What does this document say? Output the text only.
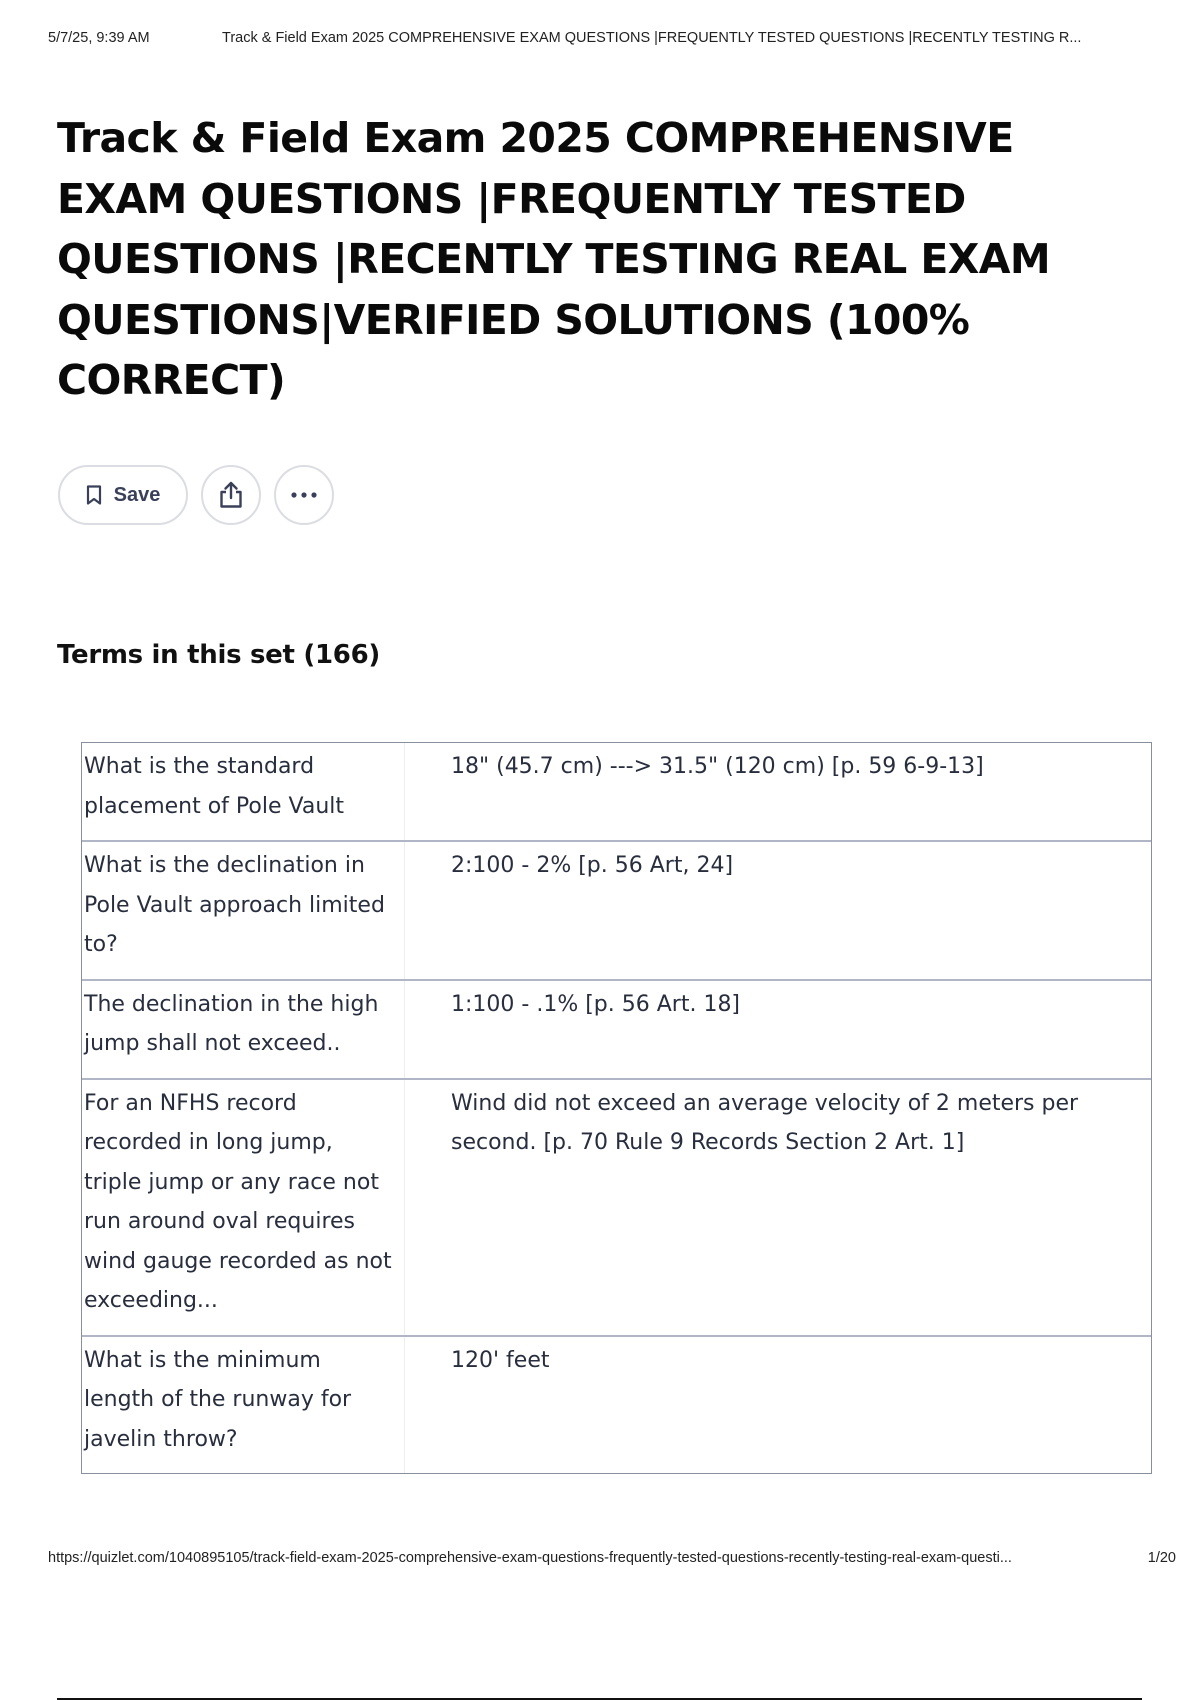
5/7/25, 9:39 AM	Track & Field Exam 2025 COMPREHENSIVE EXAM QUESTIONS |FREQUENTLY TESTED QUESTIONS |RECENTLY TESTING R...
Track & Field Exam 2025 COMPREHENSIVE EXAM QUESTIONS |FREQUENTLY TESTED QUESTIONS |RECENTLY TESTING REAL EXAM QUESTIONS|VERIFIED SOLUTIONS (100% CORRECT)
Save
Terms in this set (166)
What is the standard placement of Pole Vault
18" (45.7 cm) ---> 31.5" (120 cm) [p. 59 6-9-13]
What is the declination in Pole Vault approach limited to?
2:100 - 2% [p. 56 Art, 24]
The declination in the high jump shall not exceed..
1:100 - .1% [p. 56 Art. 18]
For an NFHS record recorded in long jump, triple jump or any race not run around oval requires wind gauge recorded as not exceeding...
Wind did not exceed an average velocity of 2 meters per second. [p. 70 Rule 9 Records Section 2 Art. 1]
What is the minimum length of the runway for javelin throw?
120' feet
https://quizlet.com/1040895105/track-field-exam-2025-comprehensive-exam-questions-frequently-tested-questions-recently-testing-real-exam-questi...	1/20
